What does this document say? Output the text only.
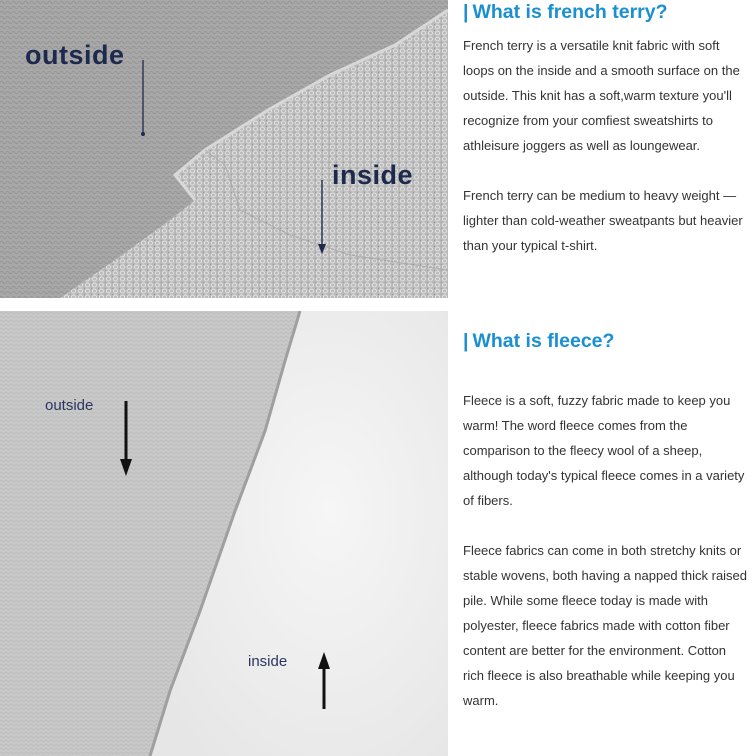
outside
inside
| What is french terry?

French terry is a versatile knit fabric with soft loops on the inside and a smooth surface on the outside. This knit has a soft,warm texture you'll recognize from your comfiest sweatshirts to athleisure joggers as well as loungewear.

French terry can be medium to heavy weight —lighter than cold-weather sweatpants but heavier than your typical t-shirt.

outside
inside
| What is fleece?

Fleece is a soft, fuzzy fabric made to keep you warm! The word fleece comes from the comparison to the fleecy wool of a sheep, although today's typical fleece comes in a variety of fibers.

Fleece fabrics can come in both stretchy knits or stable wovens, both having a napped thick raised pile. While some fleece today is made with polyester, fleece fabrics made with cotton fiber content are better for the environment. Cotton rich fleece is also breathable while keeping you warm.
